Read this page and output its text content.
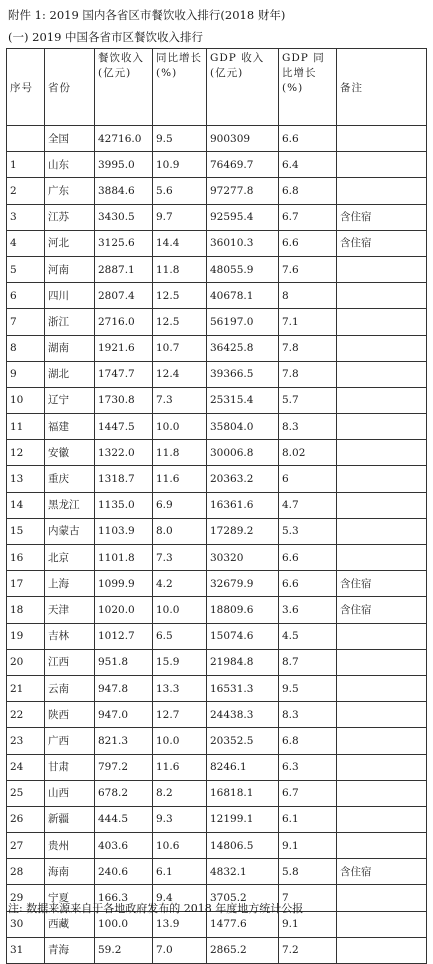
附件 1: 2019 国内各省区市餐饮收入排行(2018 财年)
(一) 2019 中国各省市区餐饮收入排行
序号	省份	餐饮收入(亿元)	同比增长(%)	GDP 收入(亿元)	GDP 同比增长(%)	备注
	全国	42716.0	9.5	900309	6.6	
1	山东	3995.0	10.9	76469.7	6.4	
2	广东	3884.6	5.6	97277.8	6.8	
3	江苏	3430.5	9.7	92595.4	6.7	含住宿
4	河北	3125.6	14.4	36010.3	6.6	含住宿
5	河南	2887.1	11.8	48055.9	7.6	
6	四川	2807.4	12.5	40678.1	8	
7	浙江	2716.0	12.5	56197.0	7.1	
8	湖南	1921.6	10.7	36425.8	7.8	
9	湖北	1747.7	12.4	39366.5	7.8	
10	辽宁	1730.8	7.3	25315.4	5.7	
11	福建	1447.5	10.0	35804.0	8.3	
12	安徽	1322.0	11.8	30006.8	8.02	
13	重庆	1318.7	11.6	20363.2	6	
14	黑龙江	1135.0	6.9	16361.6	4.7	
15	内蒙古	1103.9	8.0	17289.2	5.3	
16	北京	1101.8	7.3	30320	6.6	
17	上海	1099.9	4.2	32679.9	6.6	含住宿
18	天津	1020.0	10.0	18809.6	3.6	含住宿
19	吉林	1012.7	6.5	15074.6	4.5	
20	江西	951.8	15.9	21984.8	8.7	
21	云南	947.8	13.3	16531.3	9.5	
22	陕西	947.0	12.7	24438.3	8.3	
23	广西	821.3	10.0	20352.5	6.8	
24	甘肃	797.2	11.6	8246.1	6.3	
25	山西	678.2	8.2	16818.1	6.7	
26	新疆	444.5	9.3	12199.1	6.1	
27	贵州	403.6	10.6	14806.5	9.1	
28	海南	240.6	6.1	4832.1	5.8	含住宿
29	宁夏	166.3	9.4	3705.2	7	
30	西藏	100.0	13.9	1477.6	9.1	
31	青海	59.2	7.0	2865.2	7.2	
注: 数据来源来自于各地政府发布的 2018 年度地方统计公报
